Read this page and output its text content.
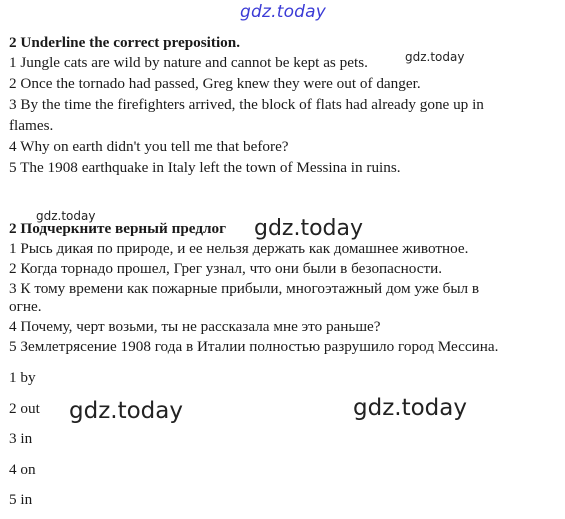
gdz.today
gdz.today
gdz.today	gdz.today
gdz.today	gdz.today
2 Underline the correct preposition.
1 Jungle cats are wild by nature and cannot be kept as pets.
2 Once the tornado had passed, Greg knew they were out of danger.
3 By the time the firefighters arrived, the block of flats had already gone up in
flames.
4 Why on earth didn't you tell me that before?
5 The 1908 earthquake in Italy left the town of Messina in ruins.
2 Подчеркните верный предлог
1 Рысь дикая по природе, и ее нельзя держать как домашнее животное.
2 Когда торнадо прошел, Грег узнал, что они были в безопасности.
3 К тому времени как пожарные прибыли, многоэтажный дом уже был в
огне.
4 Почему, черт возьми, ты не рассказала мне это раньше?
5 Землетрясение 1908 года в Италии полностью разрушило город Мессина.
1 by
2 out
3 in
4 on
5 in
